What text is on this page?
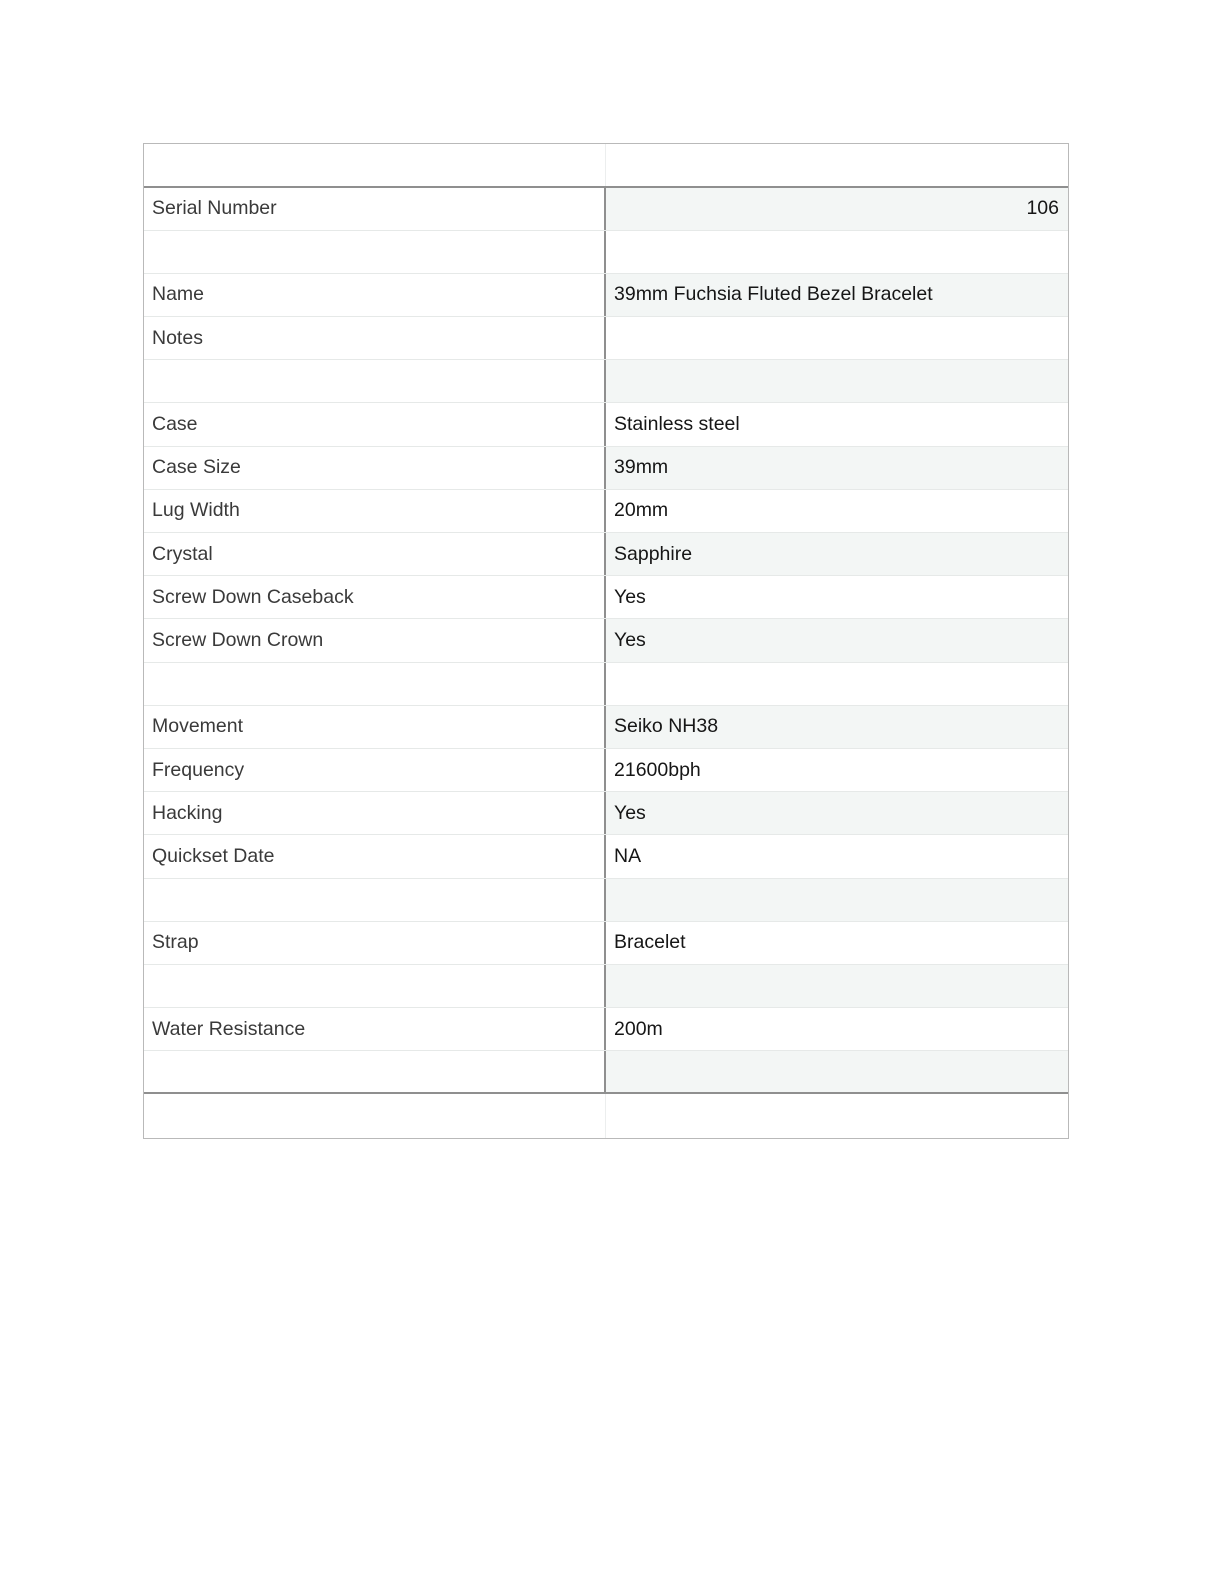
Serial Number	106
Name	39mm Fuchsia Fluted Bezel Bracelet
Notes
Case	Stainless steel
Case Size	39mm
Lug Width	20mm
Crystal	Sapphire
Screw Down Caseback	Yes
Screw Down Crown	Yes
Movement	Seiko NH38
Frequency	21600bph
Hacking	Yes
Quickset Date	NA
Strap	Bracelet
Water Resistance	200m
